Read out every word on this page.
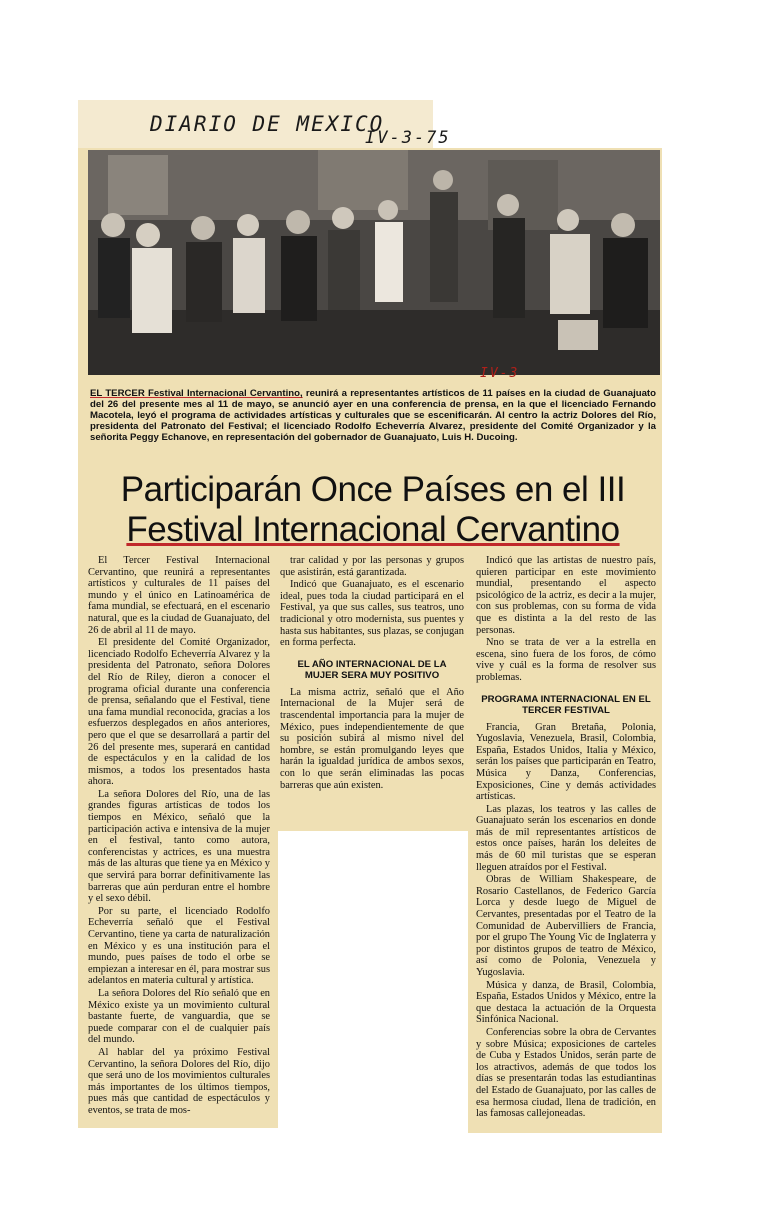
DIARIO DE MEXICO
IV-3-75
IV-3
EL TERCER Festival Internacional Cervantino, reunirá a representantes artísticos de 11 países en la ciudad de Guanajuato del 26 del presente mes al 11 de mayo, se anunció ayer en una conferencia de prensa, en la que el licenciado Fernando Macotela, leyó el programa de actividades artísticas y culturales que se escenificarán. Al centro la actriz Dolores del Río, presidenta del Patronato del Festival; el licenciado Rodolfo Echeverría Alvarez, presidente del Comité Organizador y la señorita Peggy Echanove, en representación del gobernador de Guanajuato, Luis H. Ducoing.
Participarán Once Países en el III
Festival Internacional Cervantino

El Tercer Festival Internacional Cervantino, que reunirá a representantes artísticos y culturales de 11 países del mundo y el único en Latinoamérica de fama mundial, se efectuará, en el escenario natural, que es la ciudad de Guanajuato, del 26 de abril al 11 de mayo.

El presidente del Comité Organizador, licenciado Rodolfo Echeverría Alvarez y la presidenta del Patronato, señora Dolores del Río de Riley, dieron a conocer el programa oficial durante una conferencia de prensa, señalando que el Festival, tiene una fama mundial reconocida, gracias a los esfuerzos desplegados en años anteriores, pero que el que se desarrollará a partir del 26 del presente mes, superará en cantidad de espectáculos y en la calidad de los mismos, a todos los presentados hasta ahora.

La señora Dolores del Río, una de las grandes figuras artísticas de todos los tiempos en México, señaló que la participación activa e intensiva de la mujer en el festival, tanto como autora, conferencistas y actrices, es una muestra más de las alturas que tiene ya en México y que servirá para borrar definitivamente las barreras que aún perduran entre el hombre y el sexo débil.

Por su parte, el licenciado Rodolfo Echeverría señaló que el Festival Cervantino, tiene ya carta de naturalización en México y es una institución para el mundo, pues países de todo el orbe se empiezan a interesar en él, para mostrar sus adelantos en materia cultural y artística.

La señora Dolores del Río señaló que en México existe ya un movimiento cultural bastante fuerte, de vanguardia, que se puede comparar con el de cualquier país del mundo.

Al hablar del ya próximo Festival Cervantino, la señora Dolores del Río, dijo que será uno de los movimientos culturales más importantes de los últimos tiempos, pues más que cantidad de espectáculos y eventos, se trata de mos-

trar calidad y por las personas y grupos que asistirán, está garantizada.

Indicó que Guanajuato, es el escenario ideal, pues toda la ciudad participará en el Festival, ya que sus calles, sus teatros, uno tradicional y otro modernista, sus puentes y hasta sus habitantes, sus plazas, se conjugan en forma perfecta.

EL AÑO INTERNACIONAL DE LA MUJER SERA MUY POSITIVO

La misma actriz, señaló que el Año Internacional de la Mujer será de trascendental importancia para la mujer de México, pues independientemente de que su posición subirá al mismo nivel del hombre, se están promulgando leyes que harán la igualdad jurídica de ambos sexos, con lo que serán eliminadas las pocas barreras que aún existen.

Indicó que las artistas de nuestro país, quieren participar en este movimiento mundial, presentando el aspecto psicológico de la actriz, es decir a la mujer, con sus problemas, con su forma de vida que es distinta a la del resto de las personas.

Nno se trata de ver a la estrella en escena, sino fuera de los foros, de cómo vive y cuál es la forma de resolver sus problemas.

PROGRAMA INTERNACIONAL EN EL TERCER FESTIVAL

Francia, Gran Bretaña, Polonia, Yugoslavia, Venezuela, Brasil, Colombia, España, Estados Unidos, Italia y México, serán los países que participarán en Teatro, Música y Danza, Conferencias, Exposiciones, Cine y demás actividades artísticas.

Las plazas, los teatros y las calles de Guanajuato serán los escenarios en donde más de mil representantes artísticos de estos once países, harán los deleites de más de 60 mil turistas que se esperan lleguen atraídos por el Festival.

Obras de William Shakespeare, de Rosario Castellanos, de Federico García Lorca y desde luego de Miguel de Cervantes, presentadas por el Teatro de la Comunidad de Aubervilliers de Francia, por el grupo The Young Vic de Inglaterra y por distintos grupos de teatro de México, así como de Polonia, Venezuela y Yugoslavia.

Música y danza, de Brasil, Colombia, España, Estados Unidos y México, entre la que destaca la actuación de la Orquesta Sinfónica Nacional.

Conferencias sobre la obra de Cervantes y sobre Música; exposiciones de carteles de Cuba y Estados Unidos, serán parte de los atractivos, además de que todos los días se presentarán todas las estudiantinas del Estado de Guanajuato, por las calles de esa hermosa ciudad, llena de tradición, en las famosas callejoneadas.
